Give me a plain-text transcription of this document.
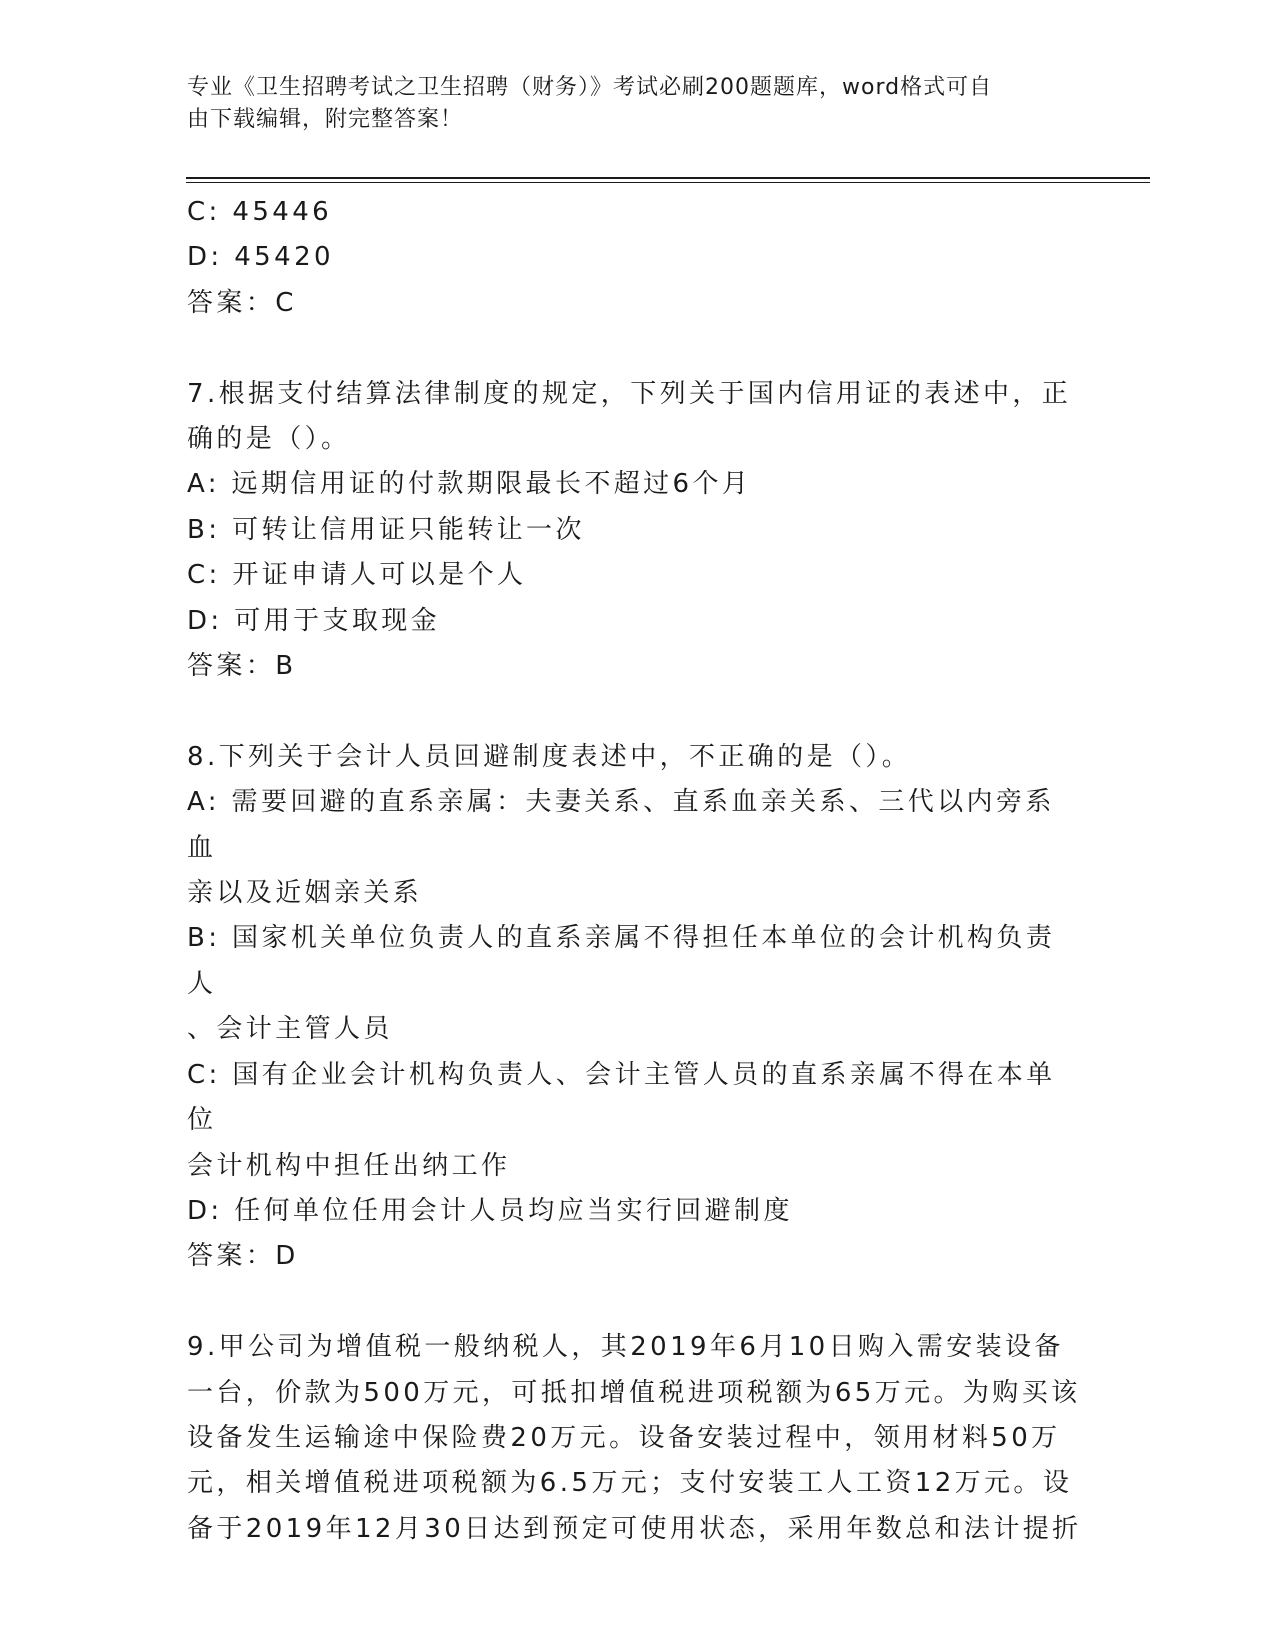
专业《卫生招聘考试之卫生招聘（财务）》考试必刷200题题库，word格式可自
由下载编辑，附完整答案！

C: 45446

D: 45420

答案：C

7.根据支付结算法律制度的规定，下列关于国内信用证的表述中，正

确的是（）。

A: 远期信用证的付款期限最长不超过6个月

B: 可转让信用证只能转让一次

C: 开证申请人可以是个人

D: 可用于支取现金

答案：B

8.下列关于会计人员回避制度表述中，不正确的是（）。

A: 需要回避的直系亲属：夫妻关系、直系血亲关系、三代以内旁系血

亲以及近姻亲关系

B: 国家机关单位负责人的直系亲属不得担任本单位的会计机构负责人

、会计主管人员

C: 国有企业会计机构负责人、会计主管人员的直系亲属不得在本单位

会计机构中担任出纳工作

D: 任何单位任用会计人员均应当实行回避制度

答案：D

9.甲公司为增值税一般纳税人，其2019年6月10日购入需安装设备

一台，价款为500万元，可抵扣增值税进项税额为65万元。为购买该

设备发生运输途中保险费20万元。设备安装过程中，领用材料50万

元，相关增值税进项税额为6.5万元；支付安装工人工资12万元。设

备于2019年12月30日达到预定可使用状态，采用年数总和法计提折
